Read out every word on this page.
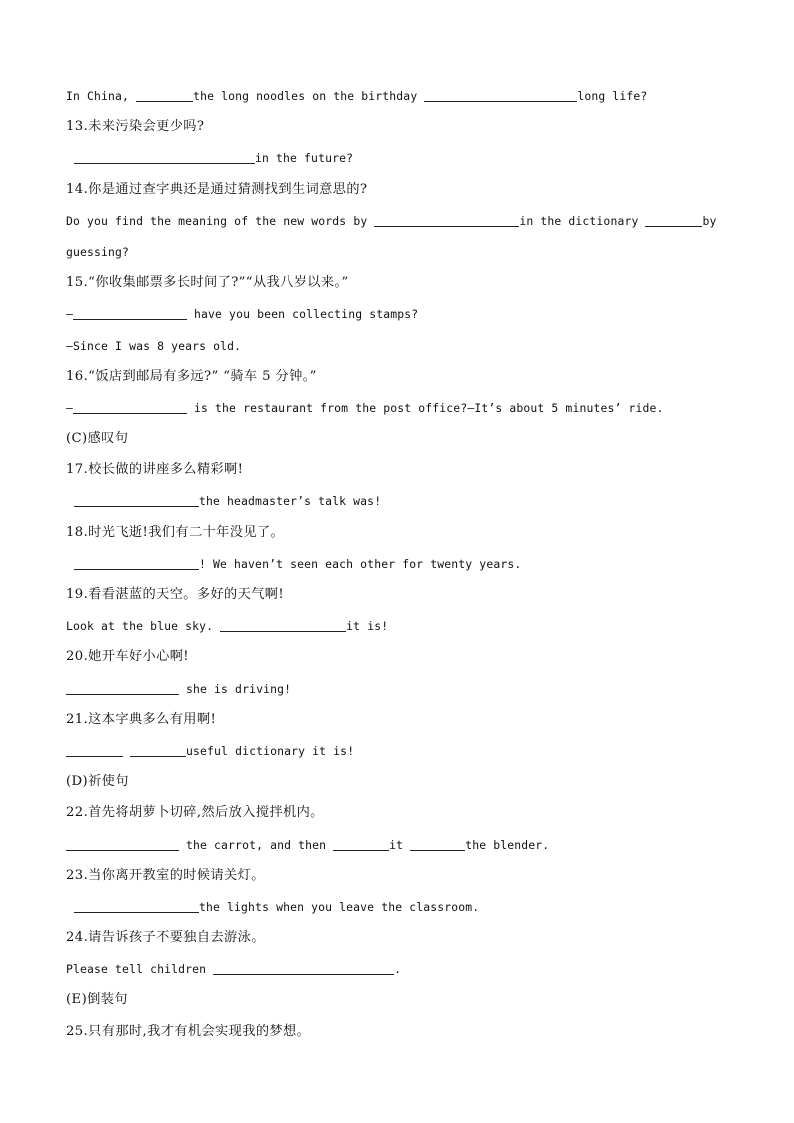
In China,	the long noodles on the birthday	long life?
13.未来污染会更少吗?
in the future?
14.你是通过查字典还是通过猜测找到生词意思的?
Do you find the meaning of the new words by	in the dictionary	by
guessing?
15.“你收集邮票多长时间了?”“从我八岁以来。”
—	have you been collecting stamps?
—Since I was 8 years old.
16.“饭店到邮局有多远?” “骑车 5 分钟。”
—	is the restaurant from the post office?—It’s about 5 minutes’ ride.
(C)感叹句
17.校长做的讲座多么精彩啊!
the headmaster’s talk was!
18.时光飞逝!我们有二十年没见了。
! We haven’t seen each other for twenty years.
19.看看湛蓝的天空。多好的天气啊!
Look at the blue sky.	it is!
20.她开车好小心啊!
she is driving!
21.这本字典多么有用啊!
useful dictionary it is!
(D)祈使句
22.首先将胡萝卜切碎,然后放入搅拌机内。
the carrot, and then	it	the blender.
23.当你离开教室的时候请关灯。
the lights when you leave the classroom.
24.请告诉孩子不要独自去游泳。
Please tell children	.
(E)倒装句
25.只有那时,我才有机会实现我的梦想。
